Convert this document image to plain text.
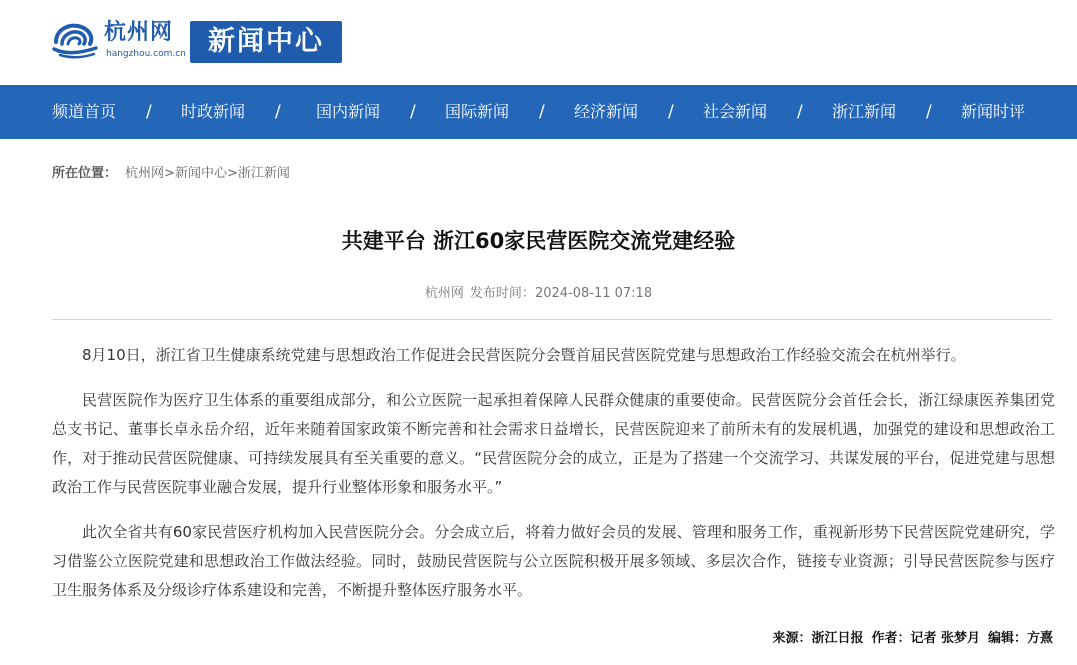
杭州网
hangzhou.com.cn 新闻中心
频道首页 / 时政新闻 / 国内新闻 / 国际新闻 / 经济新闻 / 社会新闻 / 浙江新闻 / 新闻时评
所在位置： 杭州网>新闻中心>浙江新闻
共建平台 浙江60家民营医院交流党建经验
杭州网 发布时间：2024-08-11 07:18

8月10日，浙江省卫生健康系统党建与思想政治工作促进会民营医院分会暨首届民营医院党建与思想政治工作经验交流会在杭州举行。

民营医院作为医疗卫生体系的重要组成部分，和公立医院一起承担着保障人民群众健康的重要使命。民营医院分会首任会长，浙江绿康医养集团党总支书记、董事长卓永岳介绍，近年来随着国家政策不断完善和社会需求日益增长，民营医院迎来了前所未有的发展机遇，加强党的建设和思想政治工作，对于推动民营医院健康、可持续发展具有至关重要的意义。“民营医院分会的成立，正是为了搭建一个交流学习、共谋发展的平台，促进党建与思想政治工作与民营医院事业融合发展，提升行业整体形象和服务水平。”

此次全省共有60家民营医疗机构加入民营医院分会。分会成立后，将着力做好会员的发展、管理和服务工作，重视新形势下民营医院党建研究，学习借鉴公立医院党建和思想政治工作做法经验。同时，鼓励民营医院与公立医院积极开展多领域、多层次合作，链接专业资源；引导民营医院参与医疗卫生服务体系及分级诊疗体系建设和完善，不断提升整体医疗服务水平。

来源：浙江日报 作者：记者 张梦月 编辑：方熹
